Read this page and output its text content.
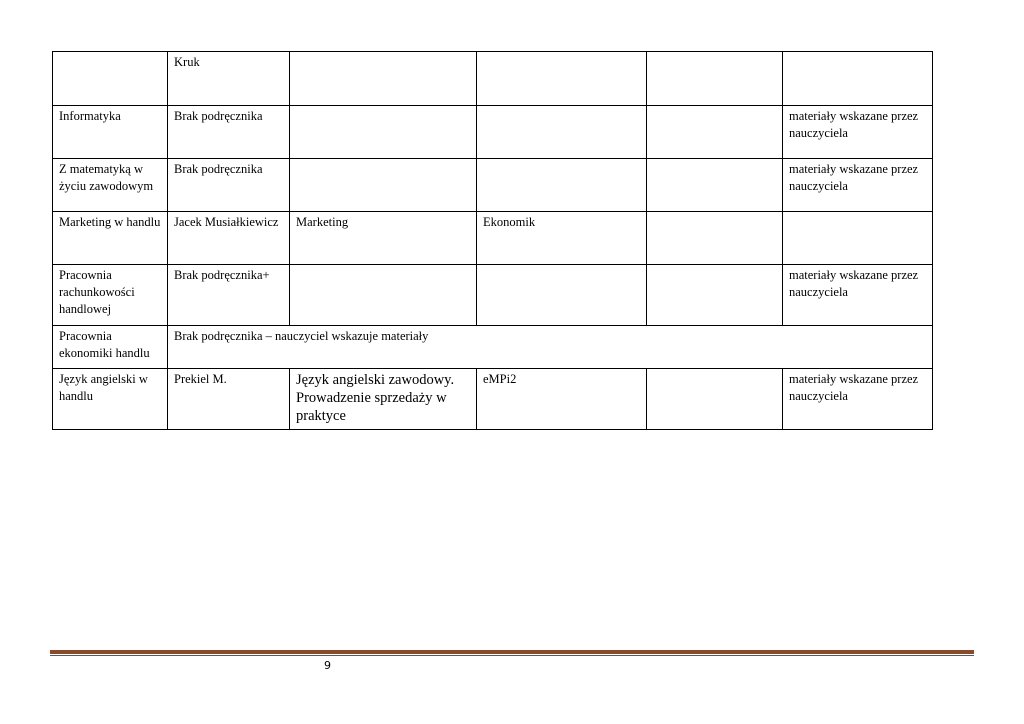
	Kruk				
Informatyka	Brak podręcznika				materiały wskazane przez nauczyciela
Z matematyką w życiu zawodowym	Brak podręcznika				materiały wskazane przez nauczyciela
Marketing w handlu	Jacek Musiałkiewicz	Marketing	Ekonomik		
Pracownia rachunkowości handlowej	Brak podręcznika+				materiały wskazane przez nauczyciela
Pracownia ekonomiki handlu	Brak podręcznika – nauczyciel wskazuje materiały				
Język angielski w handlu	Prekiel M.	Język angielski zawodowy. Prowadzenie sprzedaży w praktyce	eMPi2		materiały wskazane przez nauczyciela
9
